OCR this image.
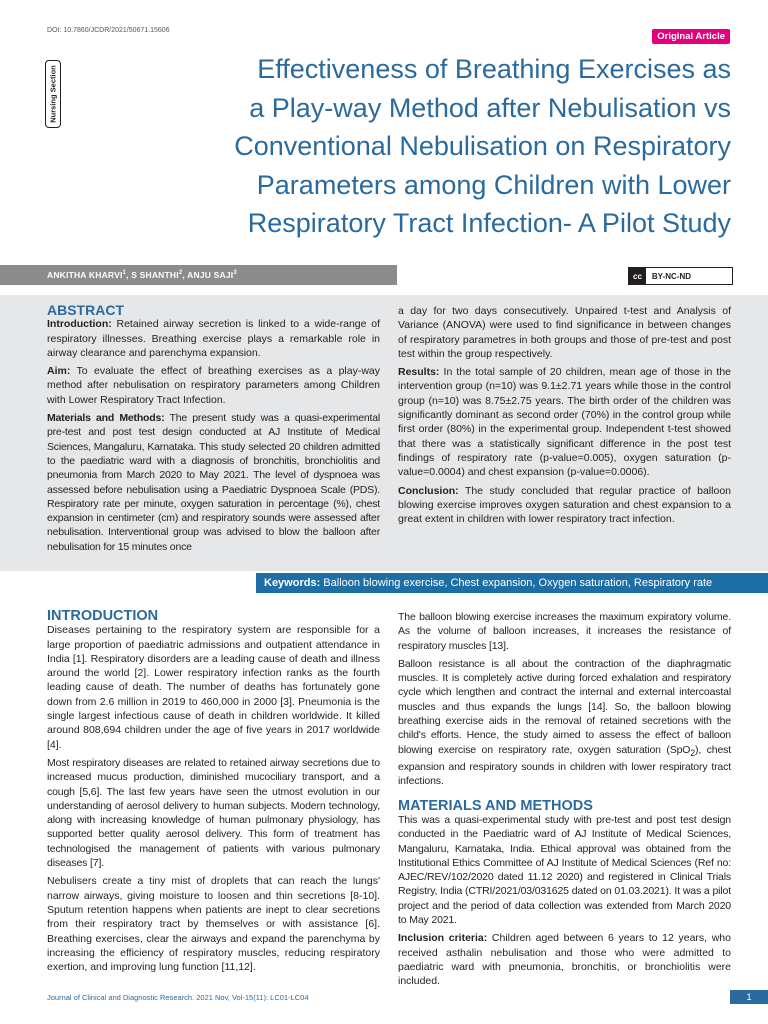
DOI: 10.7860/JCDR/2021/50671.15606
Original Article
Nursing Section	Effectiveness of Breathing Exercises as
a Play-way Method after Nebulisation vs
Conventional Nebulisation on Respiratory
Parameters among Children with Lower
Respiratory Tract Infection- A Pilot Study
ANKITHA KHARVI$^1$, S SHANTHI$^2$, ANJU SAJI$^3$	cc	BY-NC-ND
ABSTRACT

Introduction: Retained airway secretion is linked to a wide-range of respiratory illnesses. Breathing exercise plays a remarkable role in airway clearance and parenchyma expansion.

Aim: To evaluate the effect of breathing exercises as a play-way method after nebulisation on respiratory parameters among Children with Lower Respiratory Tract Infection.

Materials and Methods: The present study was a quasi-experimental pre-test and post test design conducted at AJ Institute of Medical Sciences, Mangaluru, Karnataka. This study selected 20 children admitted to the paediatric ward with a diagnosis of bronchitis, bronchiolitis and pneumonia from March 2020 to May 2021. The level of dyspnoea was assessed before nebulisation using a Paediatric Dyspnoea Scale (PDS). Respiratory rate per minute, oxygen saturation in percentage (%), chest expansion in centimeter (cm) and respiratory sounds were assessed after nebulisation. Interventional group was advised to blow the balloon after nebulisation for 15 minutes once

a day for two days consecutively. Unpaired t-test and Analysis of Variance (ANOVA) were used to find significance in between changes of respiratory parametres in both groups and those of pre-test and post test within the group respectively.

Results: In the total sample of 20 children, mean age of those in the intervention group (n=10) was 9.1±2.71 years while those in the control group (n=10) was 8.75±2.75 years. The birth order of the children was significantly dominant as second order (70%) in the control group while first order (80%) in the experimental group. Independent t-test showed that there was a statistically significant difference in the post test findings of respiratory rate (p-value=0.005), oxygen saturation (p-value=0.0004) and chest expansion (p-value=0.0006).

Conclusion: The study concluded that regular practice of balloon blowing exercise improves oxygen saturation and chest expansion to a great extent in children with lower respiratory tract infection.

Keywords: Balloon blowing exercise, Chest expansion, Oxygen saturation, Respiratory rate
INTRODUCTION

Diseases pertaining to the respiratory system are responsible for a large proportion of paediatric admissions and outpatient attendance in India [1]. Respiratory disorders are a leading cause of death and illness around the world [2]. Lower respiratory infection ranks as the fourth leading cause of death. The number of deaths has fortunately gone down from 2.6 million in 2019 to 460,000 in 2000 [3]. Pneumonia is the single largest infectious cause of death in children worldwide. It killed around 808,694 children under the age of five years in 2017 worldwide [4].

Most respiratory diseases are related to retained airway secretions due to increased mucus production, diminished mucociliary transport, and a cough [5,6]. The last few years have seen the utmost evolution in our understanding of aerosol delivery to human subjects. Modern technology, along with increasing knowledge of human pulmonary physiology, has supported better quality aerosol delivery. This form of treatment has technologised the management of patients with various pulmonary diseases [7].

Nebulisers create a tiny mist of droplets that can reach the lungs' narrow airways, giving moisture to loosen and thin secretions [8-10]. Sputum retention happens when patients are inept to clear secretions from their respiratory tract by themselves or with assistance [6]. Breathing exercises, clear the airways and expand the parenchyma by increasing the efficiency of respiratory muscles, reducing respiratory exertion, and improving lung function [11,12].

The balloon blowing exercise increases the maximum expiratory volume. As the volume of balloon increases, it increases the resistance of respiratory muscles [13].

Balloon resistance is all about the contraction of the diaphragmatic muscles. It is completely active during forced exhalation and respiratory cycle which lengthen and contract the internal and external intercoastal muscles and thus expands the lungs [14]. So, the balloon blowing breathing exercise aids in the removal of retained secretions with the child's efforts. Hence, the study aimed to assess the effect of balloon blowing exercise on respiratory rate, oxygen saturation (SpO$_2$), chest expansion and respiratory sounds in children with lower respiratory tract infections.

MATERIALS AND METHODS

This was a quasi-experimental study with pre-test and post test design conducted in the Paediatric ward of AJ Institute of Medical Sciences, Mangaluru, Karnataka, India. Ethical approval was obtained from the Institutional Ethics Committee of AJ Institute of Medical Sciences (Ref no: AJEC/REV/102/2020 dated 11.12 2020) and registered in Clinical Trials Registry, India (CTRI/2021/03/031625 dated on 01.03.2021). It was a pilot project and the period of data collection was extended from March 2020 to May 2021.

Inclusion criteria: Children aged between 6 years to 12 years, who received asthalin nebulisation and those who were admitted to paediatric ward with pneumonia, bronchitis, or bronchiolitis were included.

Journal of Clinical and Diagnostic Research. 2021 Nov, Vol-15(11): LC01-LC04	1
